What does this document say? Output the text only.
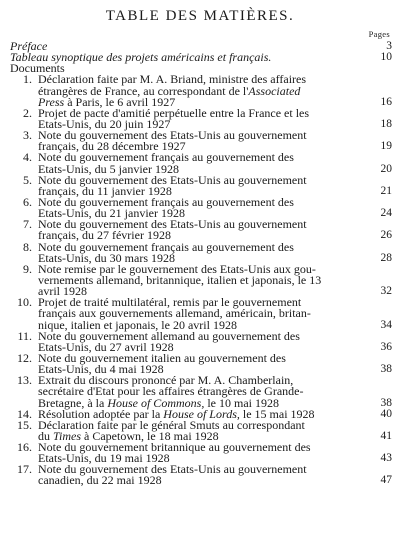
TABLE DES MATIÈRES.
Pages
Préface	3
Tableau synoptique des projets américains et français.	10
Documents
1. Déclaration faite par M. A. Briand, ministre des affaires
étrangères de France, au correspondant de l'Associated
Press à Paris, le 6 avril 1927	16
2. Projet de pacte d'amitié perpétuelle entre la France et les
Etats-Unis, du 20 juin 1927	18
3. Note du gouvernement des Etats-Unis au gouvernement
français, du 28 décembre 1927	19
4. Note du gouvernement français au gouvernement des
Etats-Unis, du 5 janvier 1928	20
5. Note du gouvernement des Etats-Unis au gouvernement
français, du 11 janvier 1928	21
6. Note du gouvernement français au gouvernement des
Etats-Unis, du 21 janvier 1928	24
7. Note du gouvernement des Etats-Unis au gouvernement
français, du 27 février 1928	26
8. Note du gouvernement français au gouvernement des
Etats-Unis, du 30 mars 1928	28
9. Note remise par le gouvernement des Etats-Unis aux gou-
vernements allemand, britannique, italien et japonais, le 13
avril 1928	32
10. Projet de traité multilatéral, remis par le gouvernement
français aux gouvernements allemand, américain, britan-
nique, italien et japonais, le 20 avril 1928	34
11. Note du gouvernement allemand au gouvernement des
Etats-Unis, du 27 avril 1928	36
12. Note du gouvernement italien au gouvernement des
Etats-Unis, du 4 mai 1928	38
13. Extrait du discours prononcé par M. A. Chamberlain,
secrétaire d'Etat pour les affaires étrangères de Grande-
Bretagne, à la House of Commons, le 10 mai 1928	38
14. Résolution adoptée par la House of Lords, le 15 mai 1928	40
15. Déclaration faite par le général Smuts au correspondant
du Times à Capetown, le 18 mai 1928	41
16. Note du gouvernement britannique au gouvernement des
Etats-Unis, du 19 mai 1928	43
17. Note du gouvernement des Etats-Unis au gouvernement
canadien, du 22 mai 1928	47
